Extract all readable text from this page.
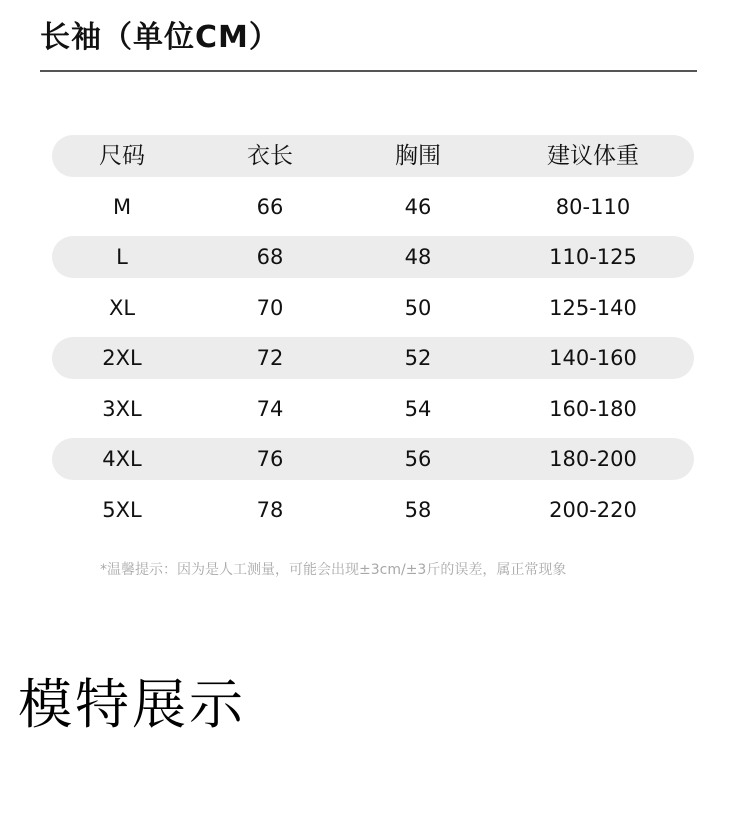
长袖（单位CM）
尺码	衣长	胸围	建议体重
M	66	46	80-110
L	68	48	110-125
XL	70	50	125-140
2XL	72	52	140-160
3XL	74	54	160-180
4XL	76	56	180-200
5XL	78	58	200-220
*温馨提示：因为是人工测量，可能会出现±3cm/±3斤的误差，属正常现象
模特展示
